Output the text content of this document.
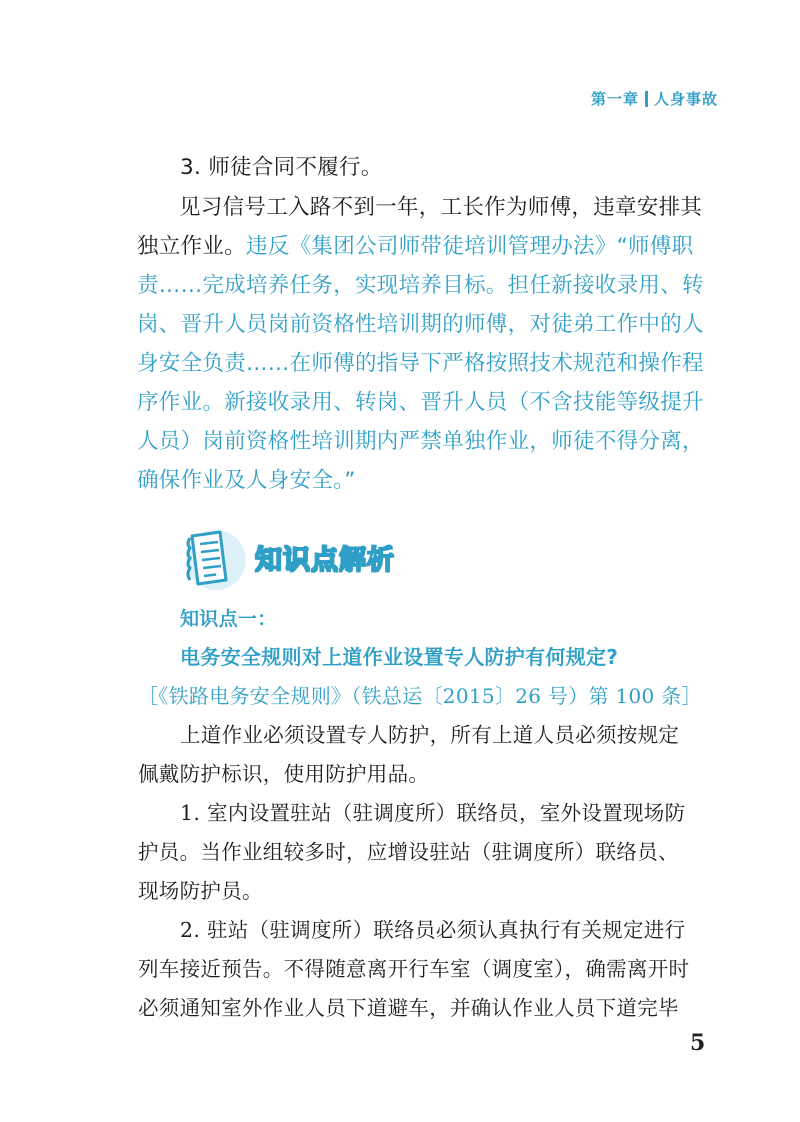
第一章 人身事故
3. 师徒合同不履行。
见习信号工入路不到一年，工长作为师傅，违章安排其
独立作业。违反《集团公司师带徒培训管理办法》“师傅职
责……完成培养任务，实现培养目标。担任新接收录用、转
岗、晋升人员岗前资格性培训期的师傅，对徒弟工作中的人
身安全负责……在师傅的指导下严格按照技术规范和操作程
序作业。新接收录用、转岗、晋升人员（不含技能等级提升
人员）岗前资格性培训期内严禁单独作业，师徒不得分离，
确保作业及人身安全。”
知识点解析
知识点一：
电务安全规则对上道作业设置专人防护有何规定?
［《铁路电务安全规则》（铁总运〔2015〕26 号）第 100 条］
上道作业必须设置专人防护，所有上道人员必须按规定
佩戴防护标识，使用防护用品。
1. 室内设置驻站（驻调度所）联络员，室外设置现场防
护员。当作业组较多时，应增设驻站（驻调度所）联络员、
现场防护员。
2. 驻站（驻调度所）联络员必须认真执行有关规定进行
列车接近预告。不得随意离开行车室（调度室），确需离开时
必须通知室外作业人员下道避车，并确认作业人员下道完毕
5
